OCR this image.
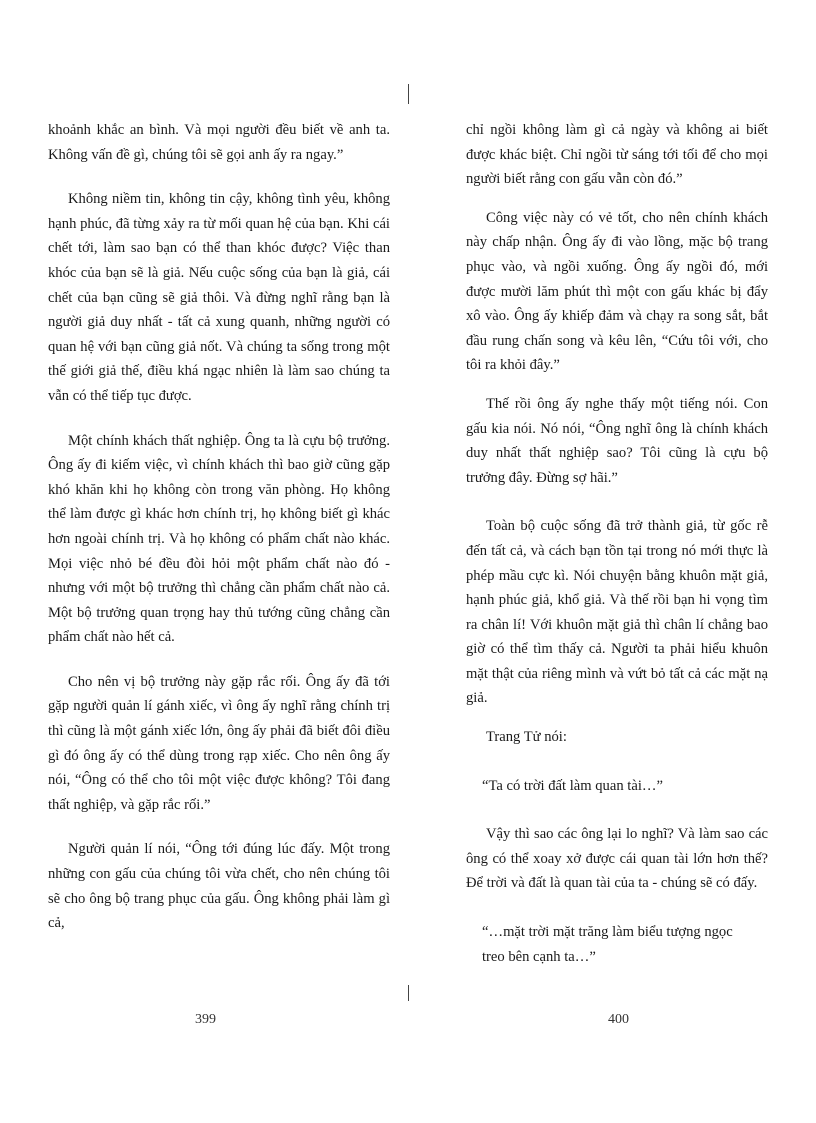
khoảnh khắc an bình. Và mọi người đều biết về anh ta. Không vấn đề gì, chúng tôi sẽ gọi anh ấy ra ngay.”

Không niềm tin, không tin cậy, không tình yêu, không hạnh phúc, đã từng xảy ra từ mối quan hệ của bạn. Khi cái chết tới, làm sao bạn có thể than khóc được? Việc than khóc của bạn sẽ là giả. Nếu cuộc sống của bạn là giả, cái chết của bạn cũng sẽ giả thôi. Và đừng nghĩ rằng bạn là người giả duy nhất - tất cả xung quanh, những người có quan hệ với bạn cũng giả nốt. Và chúng ta sống trong một thế giới giả thế, điều khá ngạc nhiên là làm sao chúng ta vẫn có thể tiếp tục được.

Một chính khách thất nghiệp. Ông ta là cựu bộ trưởng. Ông ấy đi kiếm việc, vì chính khách thì bao giờ cũng gặp khó khăn khi họ không còn trong văn phòng. Họ không thể làm được gì khác hơn chính trị, họ không biết gì khác hơn ngoài chính trị. Và họ không có phẩm chất nào khác. Mọi việc nhỏ bé đều đòi hỏi một phẩm chất nào đó - nhưng với một bộ trưởng thì chẳng cần phẩm chất nào cả. Một bộ trưởng quan trọng hay thủ tướng cũng chẳng cần phẩm chất nào hết cả.

Cho nên vị bộ trưởng này gặp rắc rối. Ông ấy đã tới gặp người quản lí gánh xiếc, vì ông ấy nghĩ rằng chính trị thì cũng là một gánh xiếc lớn, ông ấy phải đã biết đôi điều gì đó ông ấy có thể dùng trong rạp xiếc. Cho nên ông ấy nói, “Ông có thể cho tôi một việc được không? Tôi đang thất nghiệp, và gặp rắc rối.”

Người quản lí nói, “Ông tới đúng lúc đấy. Một trong những con gấu của chúng tôi vừa chết, cho nên chúng tôi sẽ cho ông bộ trang phục của gấu. Ông không phải làm gì cả,

chỉ ngồi không làm gì cả ngày và không ai biết được khác biệt. Chỉ ngồi từ sáng tới tối để cho mọi người biết rằng con gấu vẫn còn đó.”

Công việc này có vẻ tốt, cho nên chính khách này chấp nhận. Ông ấy đi vào lồng, mặc bộ trang phục vào, và ngồi xuống. Ông ấy ngồi đó, mới được mười lăm phút thì một con gấu khác bị đẩy xô vào. Ông ấy khiếp đảm và chạy ra song sắt, bắt đầu rung chấn song và kêu lên, “Cứu tôi với, cho tôi ra khỏi đây.”

Thế rồi ông ấy nghe thấy một tiếng nói. Con gấu kia nói. Nó nói, “Ông nghĩ ông là chính khách duy nhất thất nghiệp sao? Tôi cũng là cựu bộ trưởng đây. Đừng sợ hãi.”

Toàn bộ cuộc sống đã trở thành giả, từ gốc rễ đến tất cả, và cách bạn tồn tại trong nó mới thực là phép mầu cực kì. Nói chuyện bằng khuôn mặt giả, hạnh phúc giả, khổ giả. Và thế rồi bạn hi vọng tìm ra chân lí! Với khuôn mặt giả thì chân lí chẳng bao giờ có thể tìm thấy cả. Người ta phải hiểu khuôn mặt thật của riêng mình và vứt bỏ tất cả các mặt nạ giả.

Trang Tử nói:

“Ta có trời đất làm quan tài…”

Vậy thì sao các ông lại lo nghĩ? Và làm sao các ông có thể xoay xở được cái quan tài lớn hơn thế? Để trời và đất là quan tài của ta - chúng sẽ có đấy.

“…mặt trời mặt trăng làm biểu tượng ngọc
treo bên cạnh ta…”
399	400
